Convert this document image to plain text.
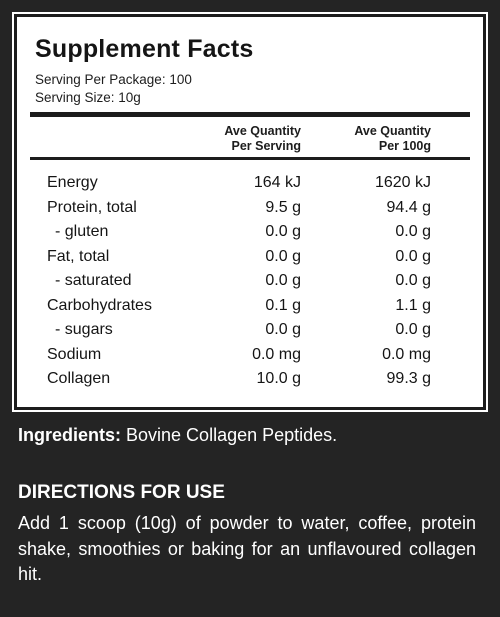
Supplement Facts
Serving Per Package: 100
Serving Size: 10g
Ave Quantity
Per Serving
Ave Quantity
Per 100g
Energy	164 kJ	1620 kJ
Protein, total	9.5 g	94.4 g
- gluten	0.0 g	0.0 g
Fat, total	0.0 g	0.0 g
- saturated	0.0 g	0.0 g
Carbohydrates	0.1 g	1.1 g
- sugars	0.0 g	0.0 g
Sodium	0.0 mg	0.0 mg
Collagen	10.0 g	99.3 g
Ingredients: Bovine Collagen Peptides.
DIRECTIONS FOR USE
Add 1 scoop (10g) of powder to water, coffee, protein shake, smoothies or baking for an unflavoured collagen hit.
